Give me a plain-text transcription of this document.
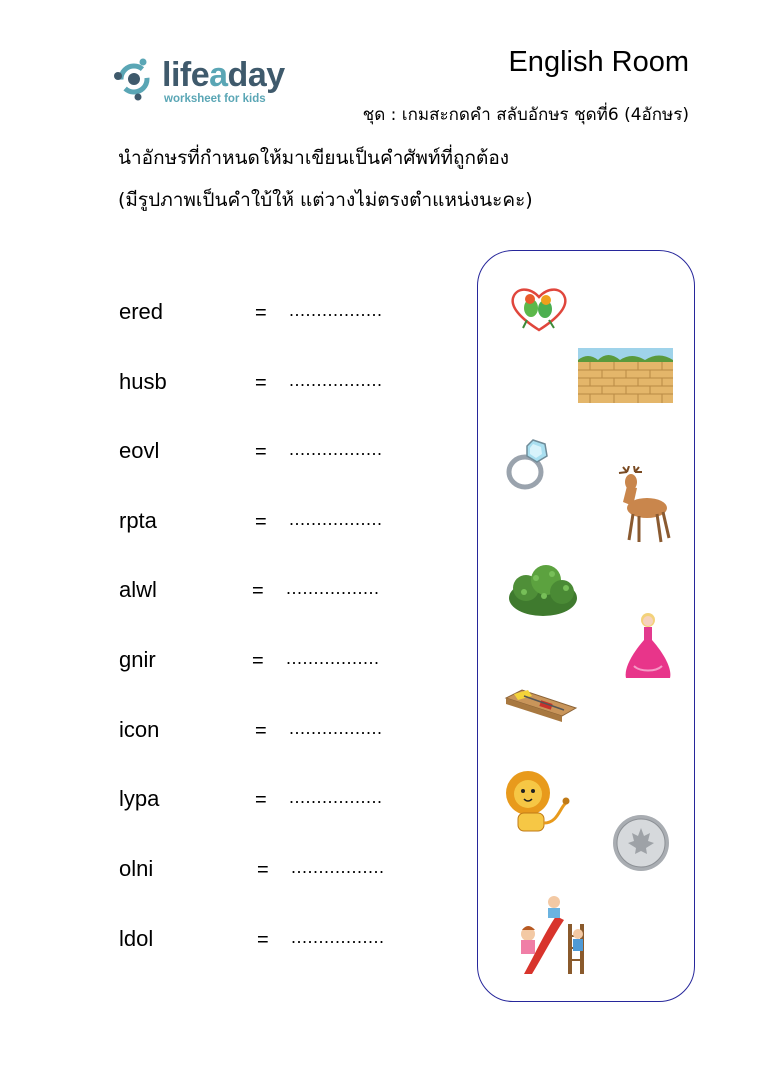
lifeaday
worksheet for kids
English Room
ชุด : เกมสะกดคำ สลับอักษร ชุดที่6 (4อักษร)
นำอักษรที่กำหนดให้มาเขียนเป็นคำศัพท์ที่ถูกต้อง
(มีรูปภาพเป็นคำใบ้ให้ แต่วางไม่ตรงตำแหน่งนะคะ)
ered	= .................
husb	= .................
eovl	= .................
rpta	= .................
alwl	= .................
gnir	= .................
icon	= .................
lypa	= .................
olni	= .................
ldol	= .................
